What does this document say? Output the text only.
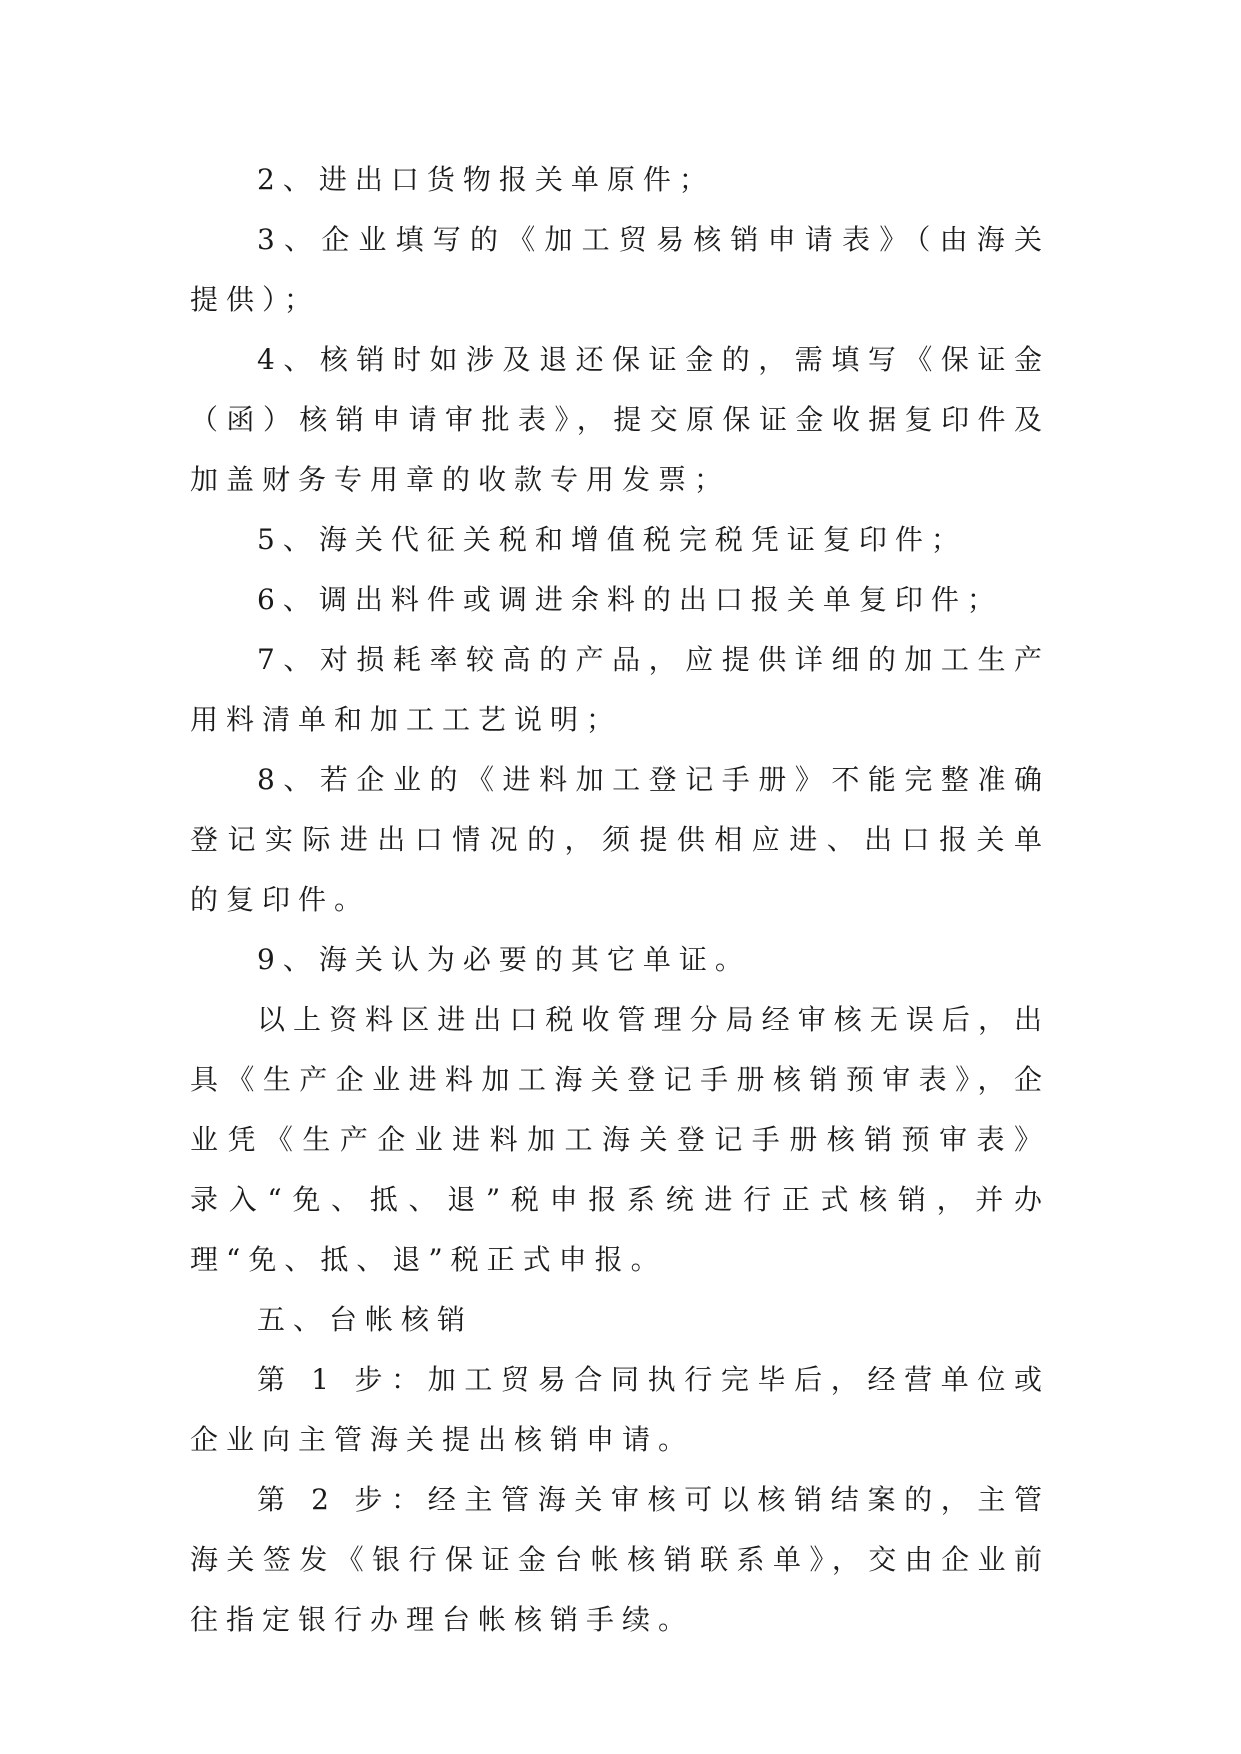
2、进出口货物报关单原件；

3、企业填写的《加工贸易核销申请表》（由海关提供）；

4、核销时如涉及退还保证金的，需填写《保证金（函）核销申请审批表》，提交原保证金收据复印件及加盖财务专用章的收款专用发票；

5、海关代征关税和增值税完税凭证复印件；

6、调出料件或调进余料的出口报关单复印件；

7、对损耗率较高的产品，应提供详细的加工生产用料清单和加工工艺说明；

8、若企业的《进料加工登记手册》不能完整准确登记实际进出口情况的，须提供相应进、出口报关单的复印件。

9、海关认为必要的其它单证。

以上资料区进出口税收管理分局经审核无误后，出具《生产企业进料加工海关登记手册核销预审表》，企业凭《生产企业进料加工海关登记手册核销预审表》录入“免、抵、退”税申报系统进行正式核销，并办理“免、抵、退”税正式申报。

五、台帐核销

第 1 步：加工贸易合同执行完毕后，经营单位或企业向主管海关提出核销申请。

第 2 步：经主管海关审核可以核销结案的，主管海关签发《银行保证金台帐核销联系单》，交由企业前往指定银行办理台帐核销手续。
